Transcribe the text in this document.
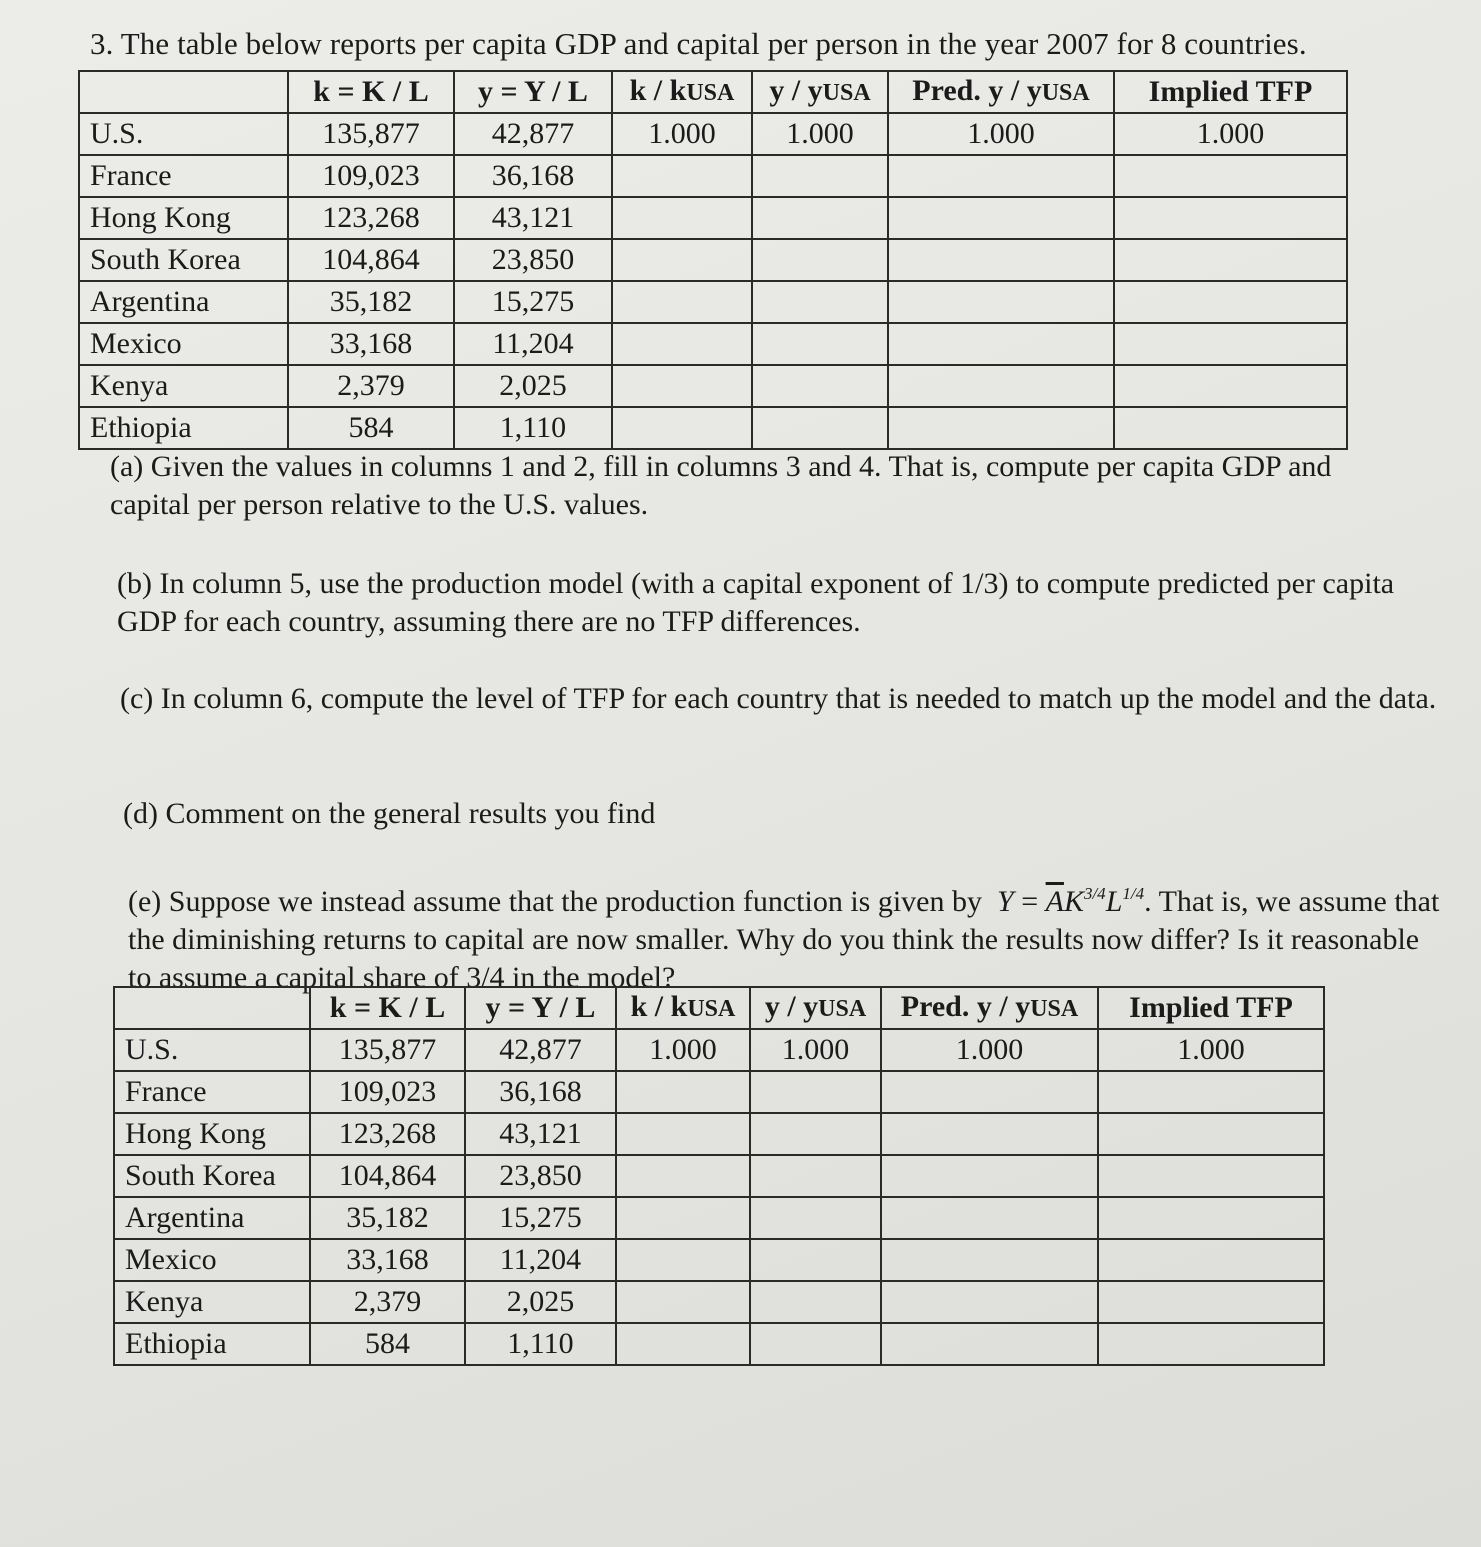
3. The table below reports per capita GDP and capital per person in the year 2007 for 8 countries.
	k = K / L	y = Y / L	k / kUSA	y / yUSA	Pred. y / yUSA	Implied TFP
U.S.	135,877	42,877	1.000	1.000	1.000	1.000
France	109,023	36,168				
Hong Kong	123,268	43,121				
South Korea	104,864	23,850				
Argentina	35,182	15,275				
Mexico	33,168	11,204				
Kenya	2,379	2,025				
Ethiopia	584	1,110				
(a) Given the values in columns 1 and 2, fill in columns 3 and 4. That is, compute per capita GDP and capital per person relative to the U.S. values.
(b) In column 5, use the production model (with a capital exponent of 1/3) to compute predicted per capita GDP for each country, assuming there are no TFP differences.
(c) In column 6, compute the level of TFP for each country that is needed to match up the model and the data.
(d) Comment on the general results you find
(e) Suppose we instead assume that the production function is given by $Y = \overline{A}K^{3/4}L^{1/4}$. That is, we assume that the diminishing returns to capital are now smaller. Why do you think the results now differ? Is it reasonable to assume a capital share of 3/4 in the model?
	k = K / L	y = Y / L	k / kUSA	y / yUSA	Pred. y / yUSA	Implied TFP
U.S.	135,877	42,877	1.000	1.000	1.000	1.000
France	109,023	36,168				
Hong Kong	123,268	43,121				
South Korea	104,864	23,850				
Argentina	35,182	15,275				
Mexico	33,168	11,204				
Kenya	2,379	2,025				
Ethiopia	584	1,110				
